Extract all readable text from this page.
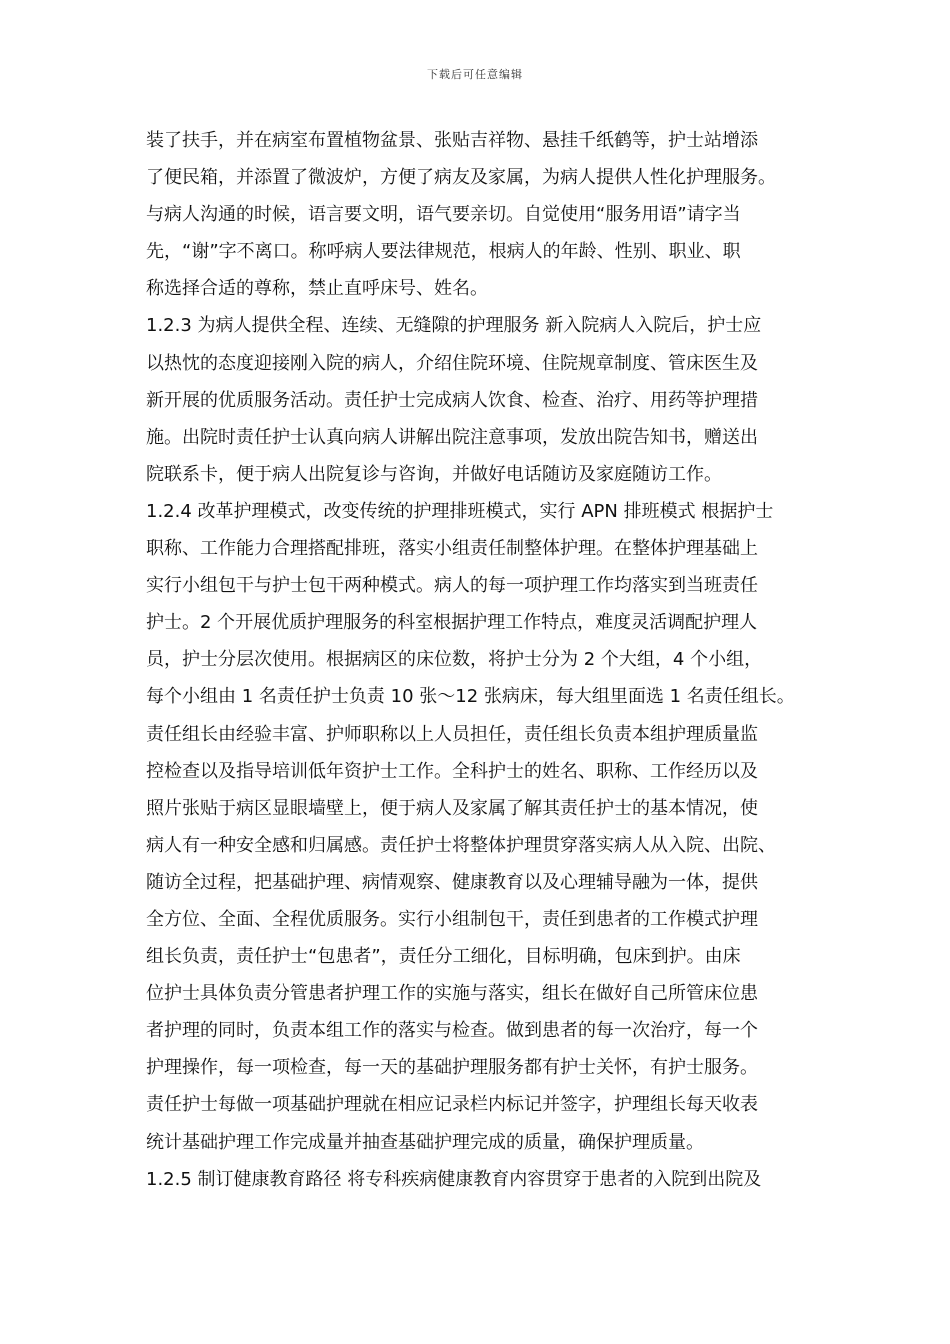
下载后可任意编辑
装了扶手，并在病室布置植物盆景、张贴吉祥物、悬挂千纸鹤等，护士站增添
了便民箱，并添置了微波炉，方便了病友及家属，为病人提供人性化护理服务。
与病人沟通的时候，语言要文明，语气要亲切。自觉使用“服务用语”请字当
先，“谢”字不离口。称呼病人要法律规范，根病人的年龄、性别、职业、职
称选择合适的尊称，禁止直呼床号、姓名。
1.2.3 为病人提供全程、连续、无缝隙的护理服务 新入院病人入院后，护士应
以热忱的态度迎接刚入院的病人，介绍住院环境、住院规章制度、管床医生及
新开展的优质服务活动。责任护士完成病人饮食、检查、治疗、用药等护理措
施。出院时责任护士认真向病人讲解出院注意事项，发放出院告知书，赠送出
院联系卡，便于病人出院复诊与咨询，并做好电话随访及家庭随访工作。
1.2.4 改革护理模式，改变传统的护理排班模式，实行 APN 排班模式 根据护士
职称、工作能力合理搭配排班，落实小组责任制整体护理。在整体护理基础上
实行小组包干与护士包干两种模式。病人的每一项护理工作均落实到当班责任
护士。2 个开展优质护理服务的科室根据护理工作特点，难度灵活调配护理人
员，护士分层次使用。根据病区的床位数，将护士分为 2 个大组，4 个小组，
每个小组由 1 名责任护士负责 10 张～12 张病床，每大组里面选 1 名责任组长。
责任组长由经验丰富、护师职称以上人员担任，责任组长负责本组护理质量监
控检查以及指导培训低年资护士工作。全科护士的姓名、职称、工作经历以及
照片张贴于病区显眼墙壁上，便于病人及家属了解其责任护士的基本情况，使
病人有一种安全感和归属感。责任护士将整体护理贯穿落实病人从入院、出院、
随访全过程，把基础护理、病情观察、健康教育以及心理辅导融为一体，提供
全方位、全面、全程优质服务。实行小组制包干，责任到患者的工作模式护理
组长负责，责任护士“包患者”，责任分工细化，目标明确，包床到护。由床
位护士具体负责分管患者护理工作的实施与落实，组长在做好自己所管床位患
者护理的同时，负责本组工作的落实与检查。做到患者的每一次治疗，每一个
护理操作，每一项检查，每一天的基础护理服务都有护士关怀，有护士服务。
责任护士每做一项基础护理就在相应记录栏内标记并签字，护理组长每天收表
统计基础护理工作完成量并抽查基础护理完成的质量，确保护理质量。
1.2.5 制订健康教育路径 将专科疾病健康教育内容贯穿于患者的入院到出院及
